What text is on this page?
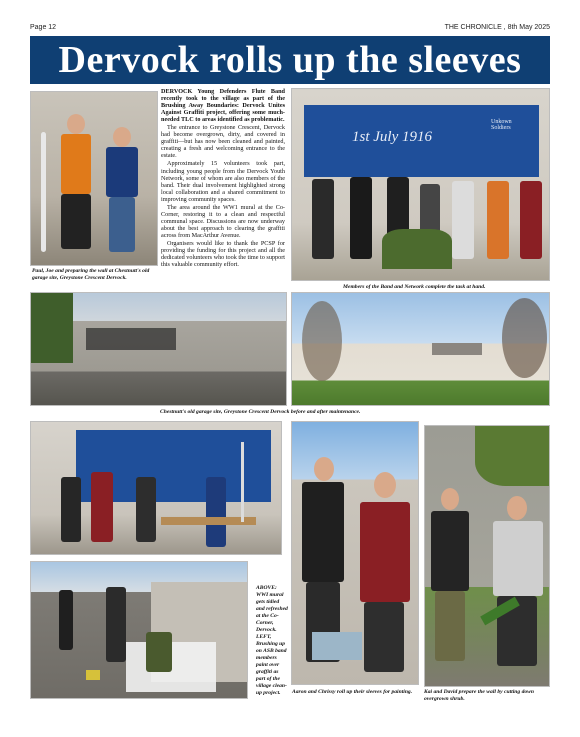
Page 12	THE CHRONICLE , 8th May 2025
Dervock rolls up the sleeves
Paul, Joe and preparing the wall at Chestnutt's old garage site, Greystone Crescent Dervock.

DERVOCK Young Defenders Flute Band recently took to the village as part of the Brushing Away Boundaries: Dervock Unites Against Graffiti project, offering some much-needed TLC to areas identified as problematic.

The entrance to Greystone Crescent, Dervock had become overgrown, dirty, and covered in graffiti—but has now been cleaned and painted, creating a fresh and welcoming entrance to the estate.

Approximately 15 volunteers took part, including young people from the Dervock Youth Network, some of whom are also members of the band. Their dual involvement highlighted strong local collaboration and a shared commitment to improving community spaces.

The area around the WW1 mural at the Co-Corner, restoring it to a clean and respectful communal space. Discussions are now underway about the best approach to clearing the graffiti across from MacArthur Avenue.

Organisers would like to thank the PCSP for providing the funding for this project and all the dedicated volunteers who took the time to support this valuable community effort.

1st July 1916
Unkown Soldiers
Members of the Band and Network complete the task at hand.
Chestnutt's old garage site, Greystone Crescent Dervock before and after maintenance.
ABOVE: WWI mural gets tidied and refreshed at the Co-Corner, Dervock. LEFT, Brushing up on ASB band members paint over graffiti as part of the village clean-up project.	Aaron and Chrissy roll up their sleeves for painting.	Kai and David prepare the wall by cutting down overgrown shrub.
